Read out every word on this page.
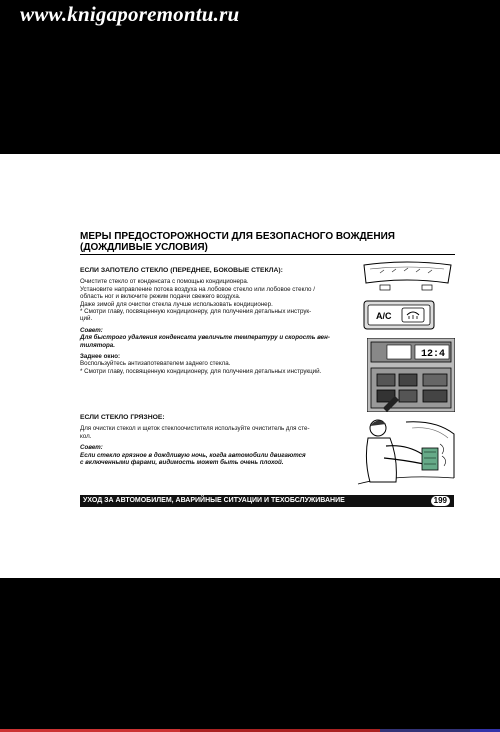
www.knigaporemontu.ru
МЕРЫ ПРЕДОСТОРОЖНОСТИ ДЛЯ БЕЗОПАСНОГО ВОЖДЕНИЯ
(ДОЖДЛИВЫЕ УСЛОВИЯ)
ЕСЛИ ЗАПОТЕЛО СТЕКЛО (ПЕРЕДНЕЕ, БОКОВЫЕ СТЕКЛА):
Очистите стекло от конденсата с помощью кондиционера.
Установите направление потока воздуха на лобовое стекло или лобовое стекло /
область ног и включите режим подачи свежего воздуха.
Даже зимой для очистки стекла лучше использовать кондиционер.
* Смотри главу, посвященную кондиционеру, для получения детальных инструк-
ций.
Совет:
Для быстрого удаления конденсата увеличьте температуру и скорость вен-
тилятора.
Заднее окно:
Воспользуйтесь антизапотевателем заднего стекла.
* Смотри главу, посвященную кондиционеру, для получения детальных инструкций.
ЕСЛИ СТЕКЛО ГРЯЗНОЕ:
Для очистки стекол и щеток стеклоочистителя используйте очиститель для сте-
кол.
Совет:
Если стекло грязное в дождливую ночь, когда автомобили двигаются
с включенными фарами, видимость может быть очень плохой.
A/C
12:4
УХОД ЗА АВТОМОБИЛЕМ, АВАРИЙНЫЕ СИТУАЦИИ И ТЕХОБСЛУЖИВАНИЕ	199
